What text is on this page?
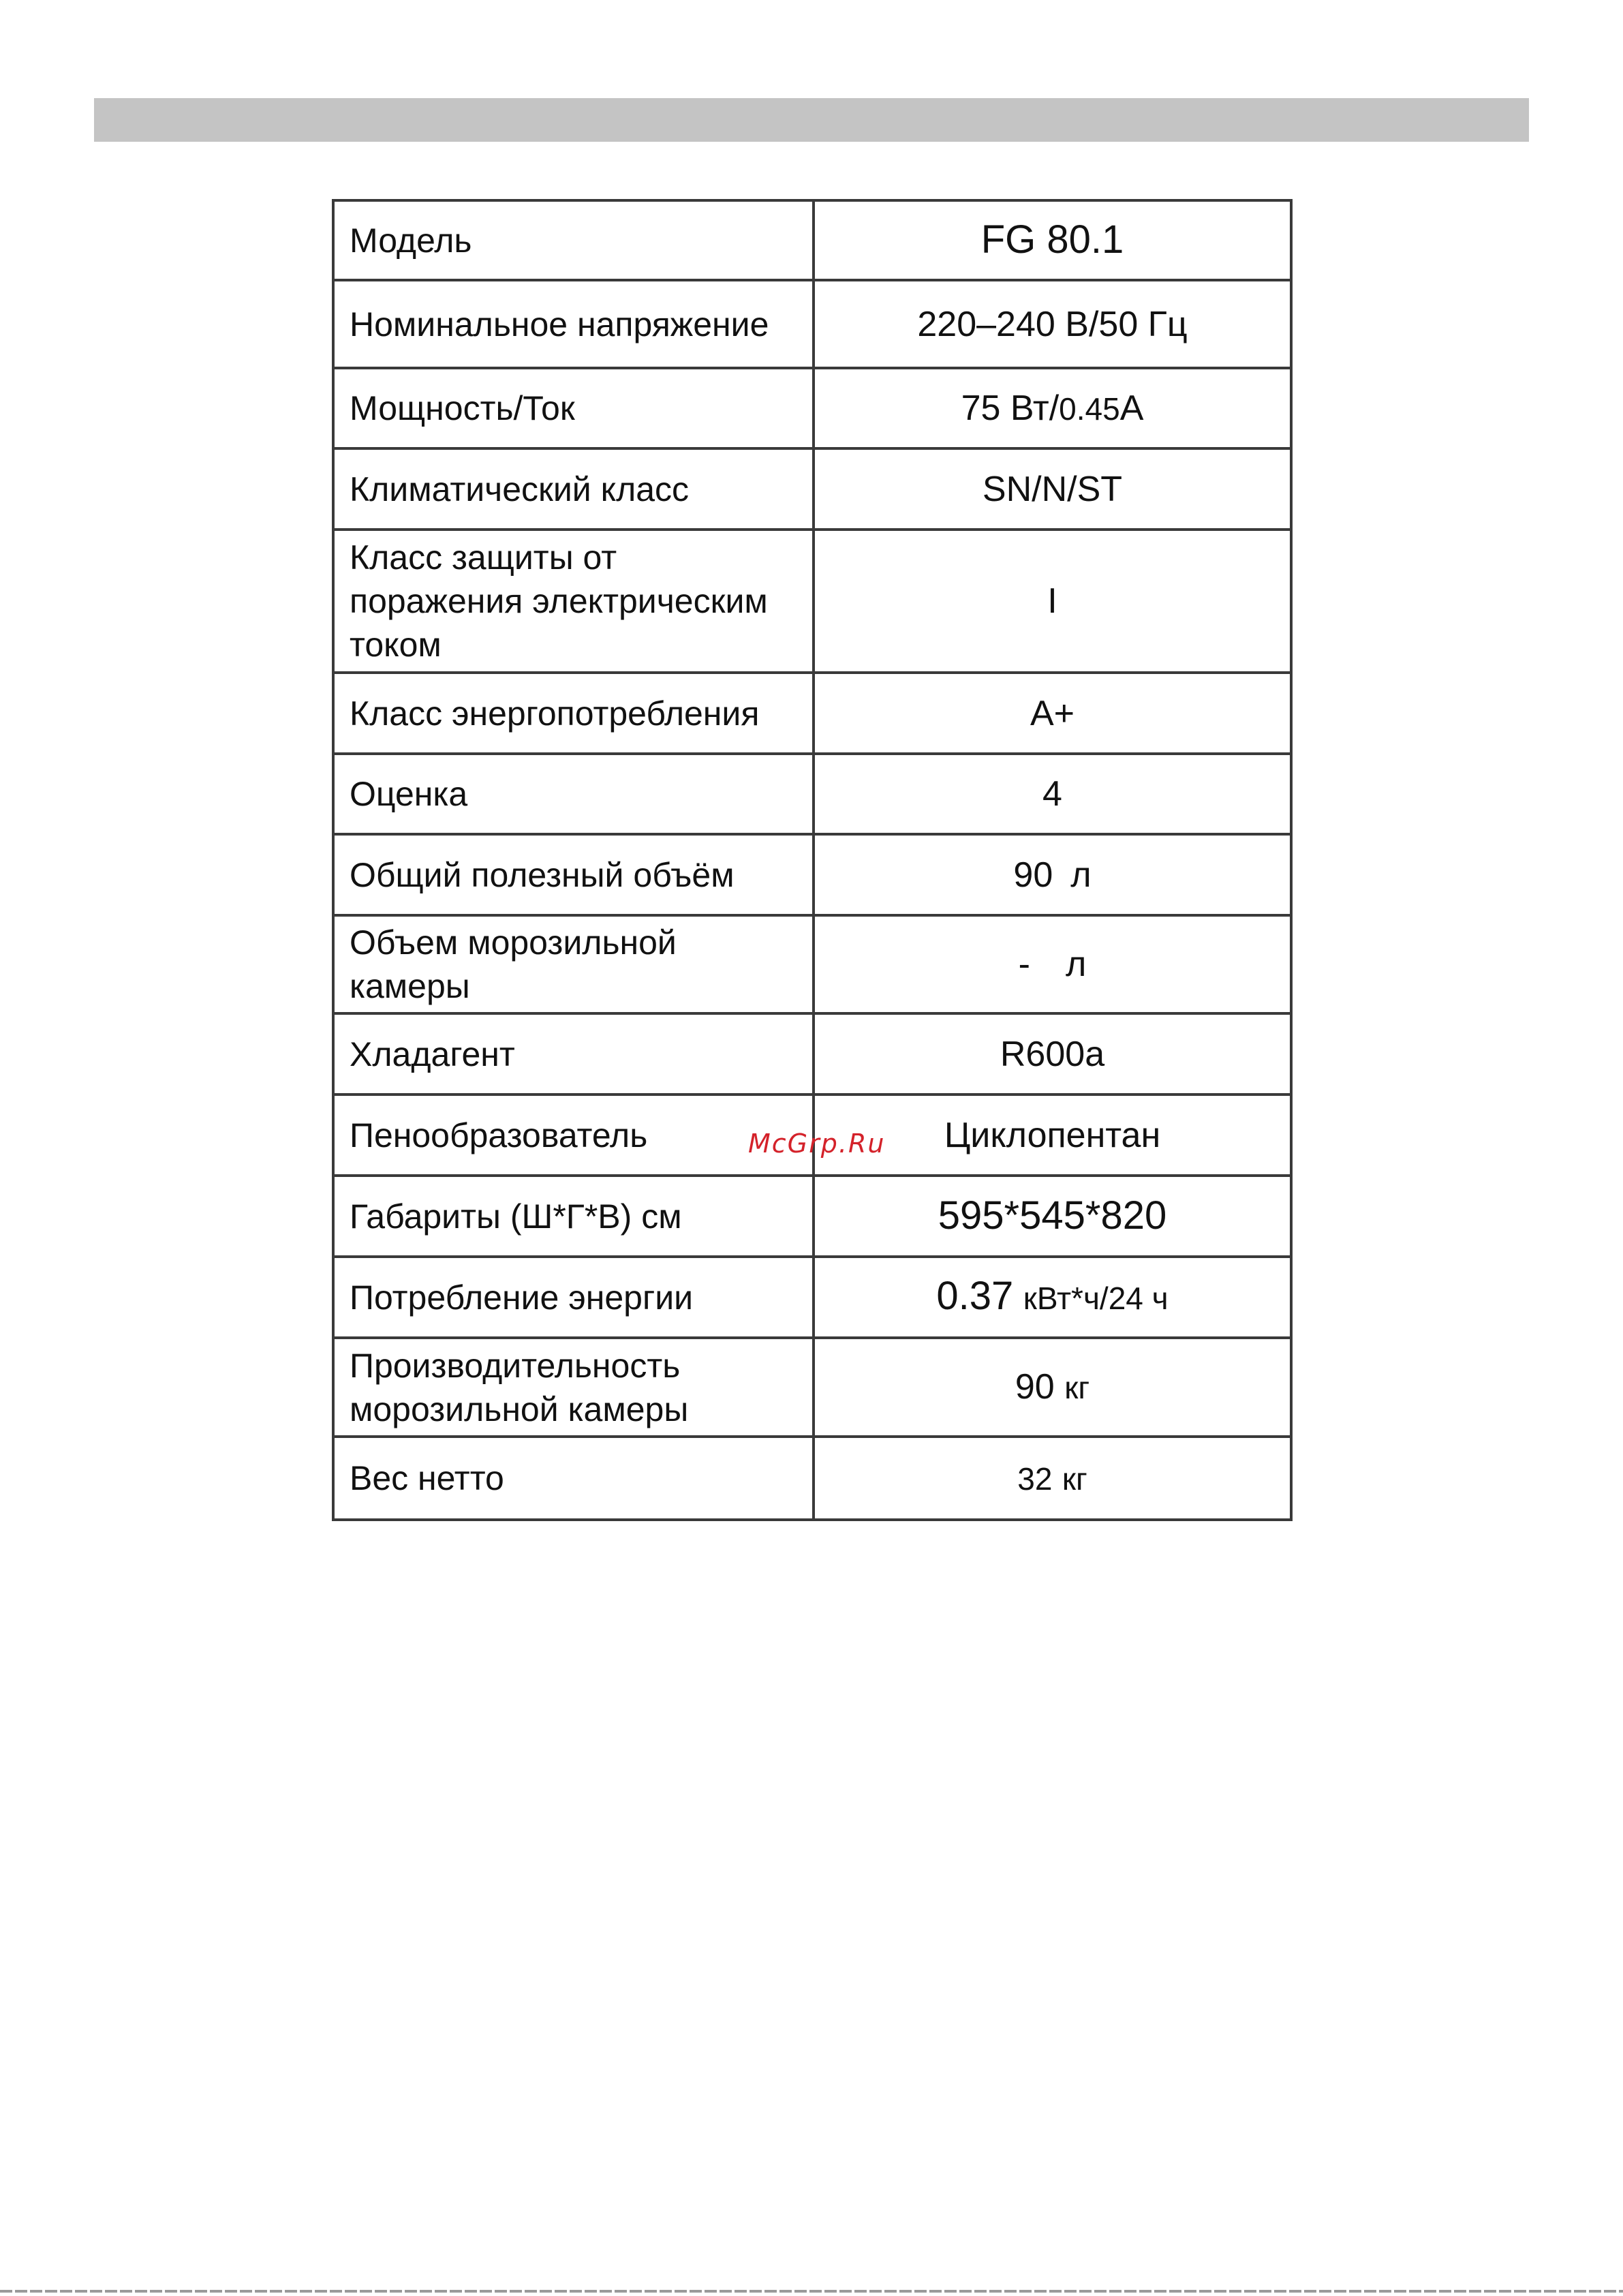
Модель	FG 80.1
Номинальное напряжение	220–240 В/50 Гц
Мощность/Ток	75 Вт/0.45А
Климатический класс	SN/N/ST

Класс защиты от
поражения электрическим
током	I
Класс энергопотребления	А+
Оценка	4
Общий полезный объём	90 л

Объем морозильной
камеры	- л
Хладагент	R600a
Пенообразователь	Циклопентан
Габариты (Ш*Г*В) см	595*545*820
Потребление энергии	0.37 кВт*ч/24 ч

Производительность
морозильной камеры	90 кг
Вес нетто	32 кг
McGrp.Ru
